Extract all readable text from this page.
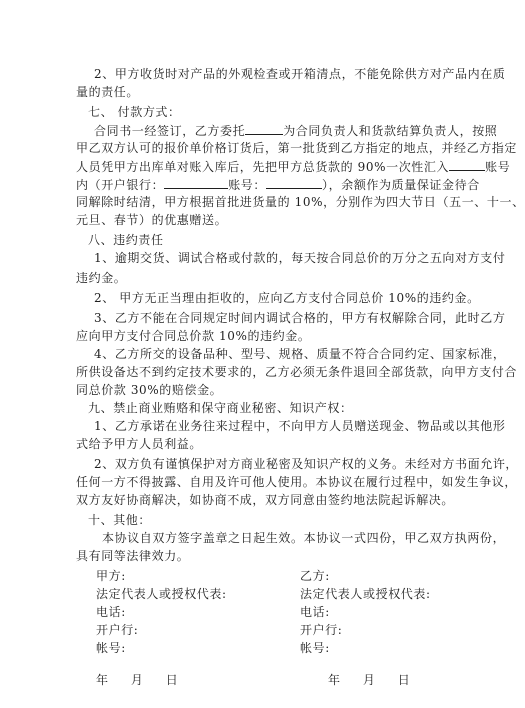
2、甲方收货时对产品的外观检查或开箱清点，不能免除供方对产品内在质
量的责任。
七、 付款方式：
合同书一经签订，乙方委托	为合同负责人和货款结算负责人，按照
甲乙双方认可的报价单价格订货后，第一批货到乙方指定的地点，并经乙方指定
人员凭甲方出库单对账入库后，先把甲方总货款的 90%一次性汇入	账号
内（开户银行：	账号：	），余额作为质量保证金待合
同解除时结清，甲方根据首批进货量的 10%，分别作为四大节日（五一、十一、
元旦、春节）的优惠赠送。
八、违约责任
1、逾期交货、调试合格或付款的，每天按合同总价的万分之五向对方支付
违约金。
2、 甲方无正当理由拒收的，应向乙方支付合同总价 10%的违约金。
3、乙方不能在合同规定时间内调试合格的，甲方有权解除合同，此时乙方
应向甲方支付合同总价款 10%的违约金。
4、乙方所交的设备品种、型号、规格、质量不符合合同约定、国家标准，
所供设备达不到约定技术要求的，乙方必须无条件退回全部货款，向甲方支付合
同总价款 30%的赔偿金。
九、禁止商业贿赂和保守商业秘密、知识产权：
1、乙方承诺在业务往来过程中，不向甲方人员赠送现金、物品或以其他形
式给予甲方人员利益。
2、双方负有谨慎保护对方商业秘密及知识产权的义务。未经对方书面允许，
任何一方不得披露、自用及许可他人使用。本协议在履行过程中，如发生争议，
双方友好协商解决，如协商不成，双方同意由签约地法院起诉解决。
十、其他：
本协议自双方签字盖章之日起生效。本协议一式四份，甲乙双方执两份，
具有同等法律效力。
甲方:	乙方:
法定代表人或授权代表:	法定代表人或授权代表:
电话:	电话:
开户行:	开户行:
帐号:	帐号:
年      月      日	年      月      日
